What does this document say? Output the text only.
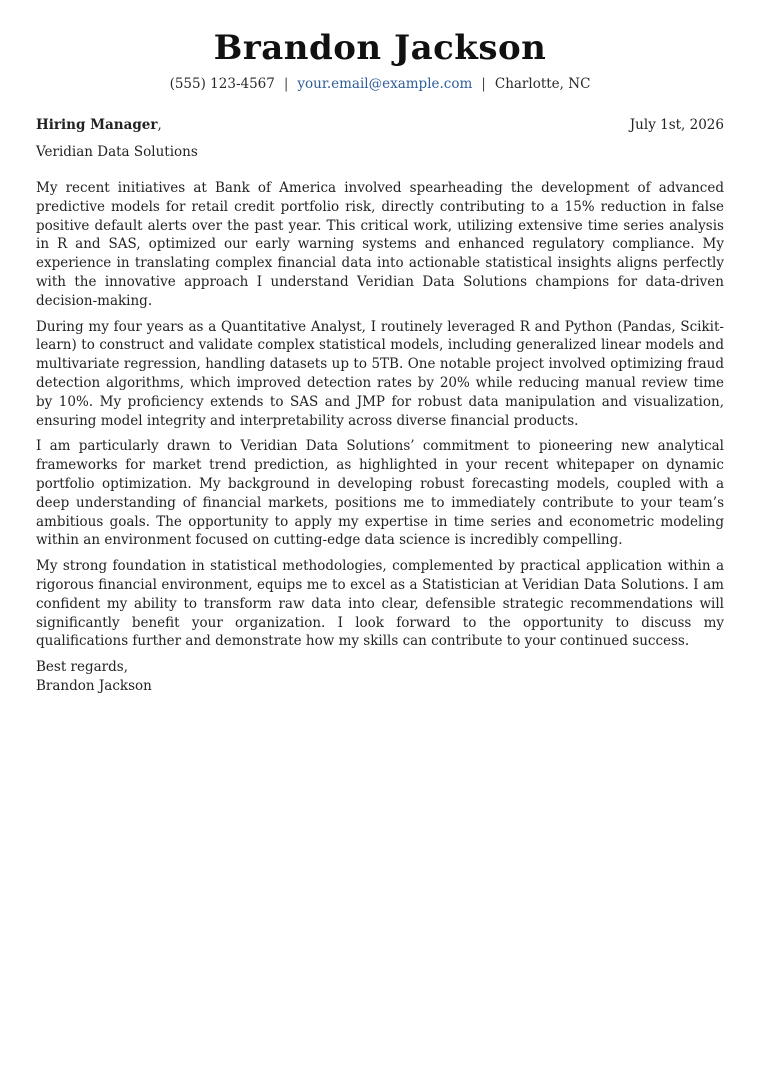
Brandon Jackson
(555) 123-4567 | your.email@example.com | Charlotte, NC
Hiring Manager,	July 1st, 2026
Veridian Data Solutions

My recent initiatives at Bank of America involved spearheading the development of advanced predictive models for retail credit portfolio risk, directly contributing to a 15% reduction in false positive default alerts over the past year. This critical work, utilizing extensive time series analysis in R and SAS, optimized our early warning systems and enhanced regulatory compliance. My experience in translating complex financial data into actionable statistical insights aligns perfectly with the innovative approach I understand Veridian Data Solutions champions for data-driven decision-making.

During my four years as a Quantitative Analyst, I routinely leveraged R and Python (Pandas, Scikit-learn) to construct and validate complex statistical models, including generalized linear models and multivariate regression, handling datasets up to 5TB. One notable project involved optimizing fraud detection algorithms, which improved detection rates by 20% while reducing manual review time by 10%. My proficiency extends to SAS and JMP for robust data manipulation and visualization, ensuring model integrity and interpretability across diverse financial products.

I am particularly drawn to Veridian Data Solutions’ commitment to pioneering new analytical frameworks for market trend prediction, as highlighted in your recent whitepaper on dynamic portfolio optimization. My background in developing robust forecasting models, coupled with a deep understanding of financial markets, positions me to immediately contribute to your team’s ambitious goals. The opportunity to apply my expertise in time series and econometric modeling within an environment focused on cutting-edge data science is incredibly compelling.

My strong foundation in statistical methodologies, complemented by practical application within a rigorous financial environment, equips me to excel as a Statistician at Veridian Data Solutions. I am confident my ability to transform raw data into clear, defensible strategic recommendations will significantly benefit your organization. I look forward to the opportunity to discuss my qualifications further and demonstrate how my skills can contribute to your continued success.

Best regards,
Brandon Jackson
